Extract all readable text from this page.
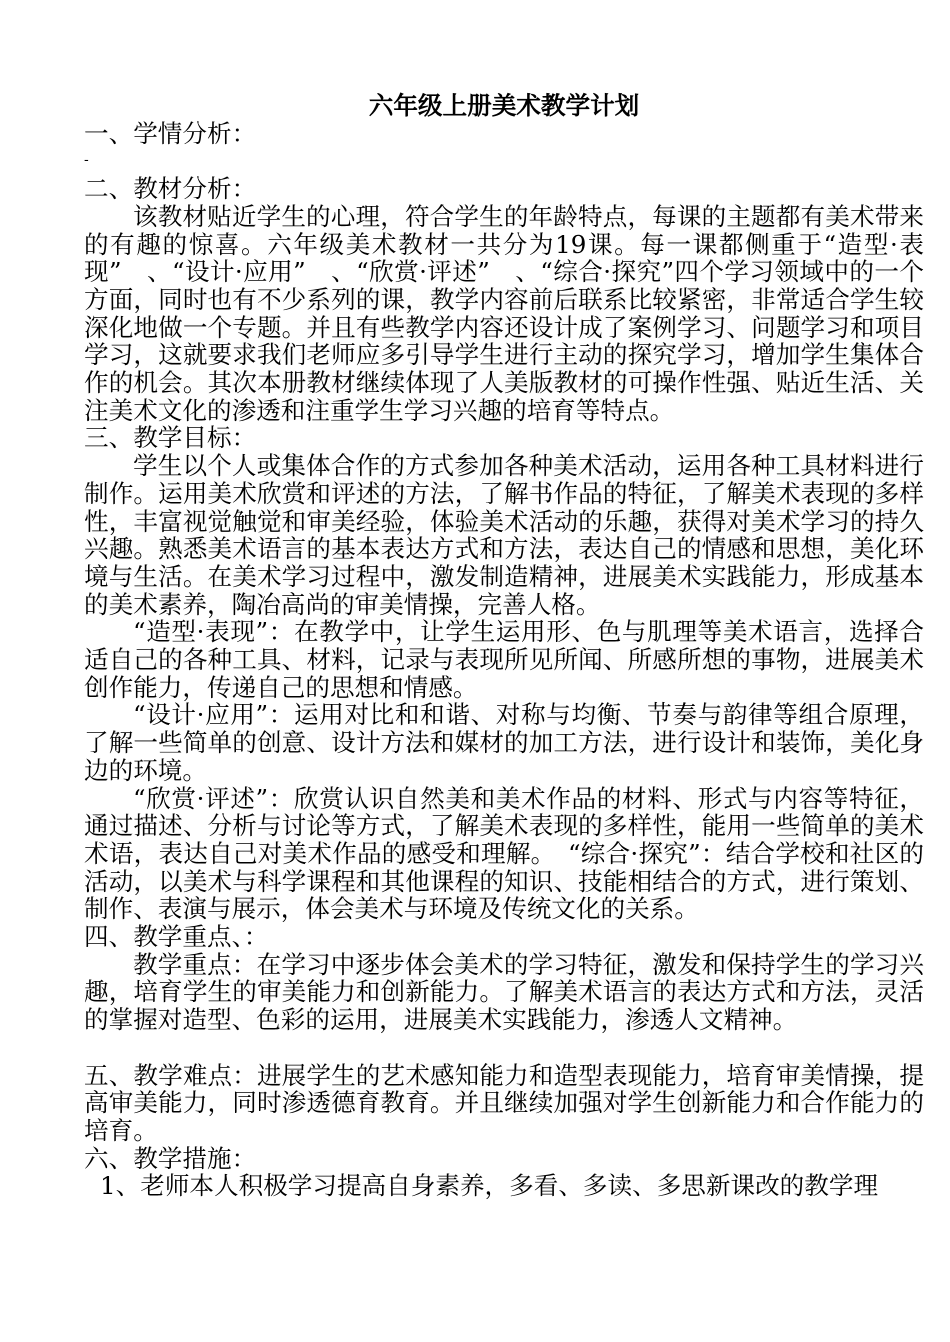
六年级上册美术教学计划

一、学情分析：

-

二、教材分析：

该教材贴近学生的心理，符合学生的年龄特点，每课的主题都有美术带来的有趣的惊喜。六年级美术教材一共分为19课。每一课都侧重于“造型·表现”　、“设计·应用”　、“欣赏·评述”　、“综合·探究”四个学习领域中的一个方面，同时也有不少系列的课，教学内容前后联系比较紧密，非常适合学生较深化地做一个专题。并且有些教学内容还设计成了案例学习、问题学习和项目学习，这就要求我们老师应多引导学生进行主动的探究学习，增加学生集体合作的机会。其次本册教材继续体现了人美版教材的可操作性强、贴近生活、关注美术文化的渗透和注重学生学习兴趣的培育等特点。

三、教学目标：

学生以个人或集体合作的方式参加各种美术活动，运用各种工具材料进行制作。运用美术欣赏和评述的方法，了解书作品的特征，了解美术表现的多样性，丰富视觉触觉和审美经验，体验美术活动的乐趣，获得对美术学习的持久兴趣。熟悉美术语言的基本表达方式和方法，表达自己的情感和思想，美化环境与生活。在美术学习过程中，激发制造精神，进展美术实践能力，形成基本的美术素养，陶冶高尚的审美情操，完善人格。

“造型·表现”：在教学中，让学生运用形、色与肌理等美术语言，选择合适自己的各种工具、材料，记录与表现所见所闻、所感所想的事物，进展美术创作能力，传递自己的思想和情感。

“设计·应用”：运用对比和和谐、对称与均衡、节奏与韵律等组合原理，了解一些简单的创意、设计方法和媒材的加工方法，进行设计和装饰，美化身边的环境。

“欣赏·评述”：欣赏认识自然美和美术作品的材料、形式与内容等特征，通过描述、分析与讨论等方式，了解美术表现的多样性，能用一些简单的美术术语，表达自己对美术作品的感受和理解。　“综合·探究”：结合学校和社区的活动，以美术与科学课程和其他课程的知识、技能相结合的方式，进行策划、制作、表演与展示，体会美术与环境及传统文化的关系。

四、教学重点、：

教学重点：在学习中逐步体会美术的学习特征，激发和保持学生的学习兴趣，培育学生的审美能力和创新能力。了解美术语言的表达方式和方法，灵活的掌握对造型、色彩的运用，进展美术实践能力，渗透人文精神。

五、教学难点：进展学生的艺术感知能力和造型表现能力，培育审美情操，提高审美能力，同时渗透德育教育。并且继续加强对学生创新能力和合作能力的培育。

六、教学措施：

1、老师本人积极学习提高自身素养，多看、多读、多思新课改的教学理
